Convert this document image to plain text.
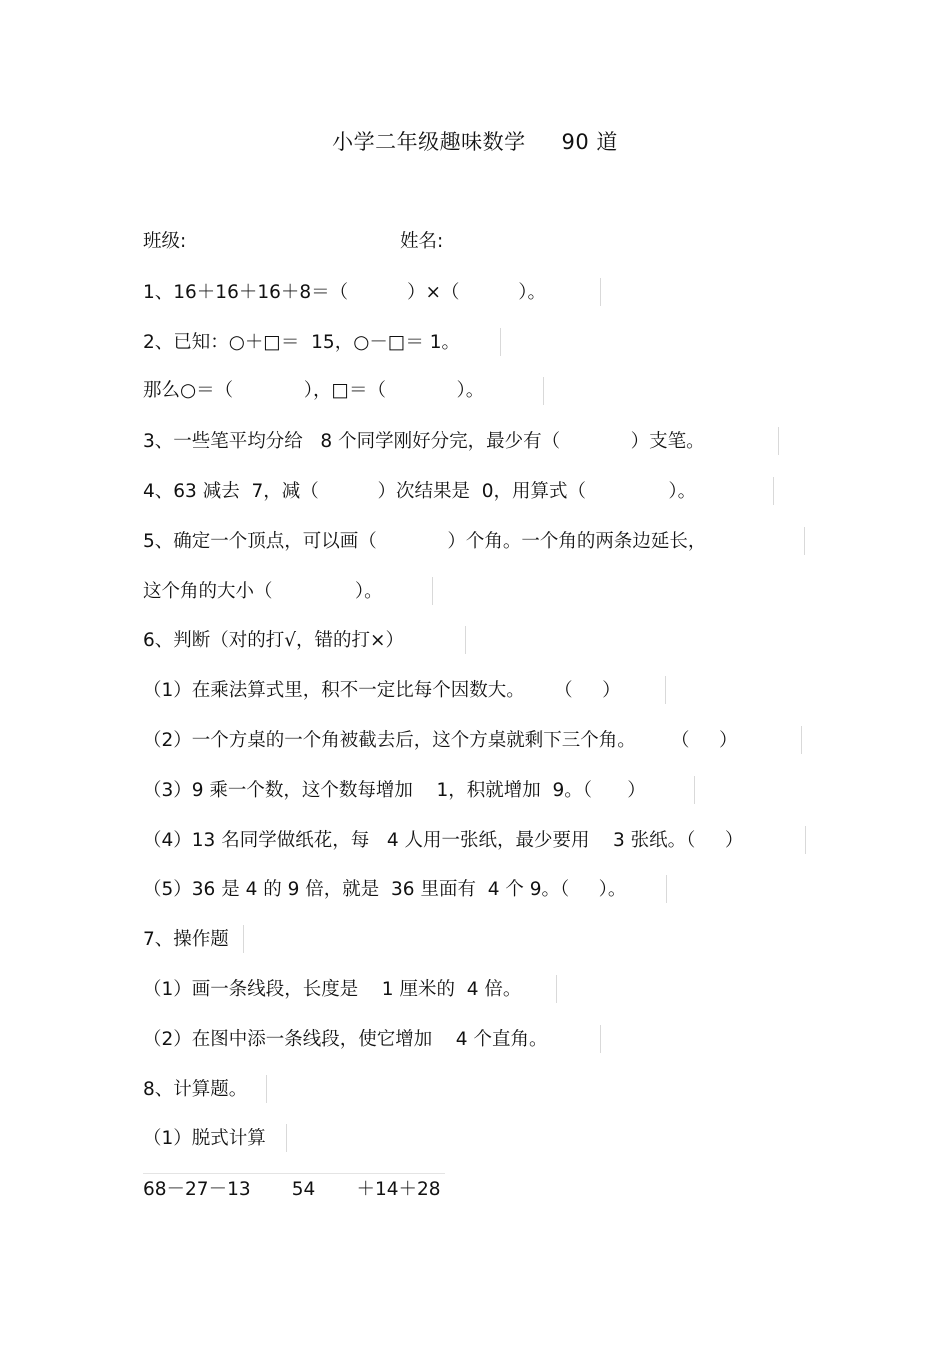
小学二年级趣味数学     90 道
班级:	姓名:
1、16＋16＋16＋8＝（          ）×（          ）。
2、已知：○＋□＝  15，○－□＝ 1。
那么○＝（            ），□＝（            ）。
3、一些笔平均分给   8 个同学刚好分完，最少有（            ）支笔。
4、63 减去  7，减（          ）次结果是  0，用算式（              ）。
5、确定一个顶点，可以画（            ）个角。一个角的两条边延长，
这个角的大小（              ）。
6、判断（对的打√，错的打×）
（1）在乘法算式里，积不一定比每个因数大。     （     ）
（2）一个方桌的一个角被截去后，这个方桌就剩下三个角。      （     ）
（3）9 乘一个数，这个数每增加    1，积就增加  9。（      ）
（4）13 名同学做纸花，每   4 人用一张纸，最少要用    3 张纸。（     ）
（5）36 是 4 的 9 倍，就是  36 里面有  4 个 9。（     ）。
7、操作题
（1）画一条线段，长度是    1 厘米的  4 倍。
（2）在图中添一条线段，使它增加    4 个直角。
8、计算题。
（1）脱式计算
68－27－13       54       ＋14＋28
